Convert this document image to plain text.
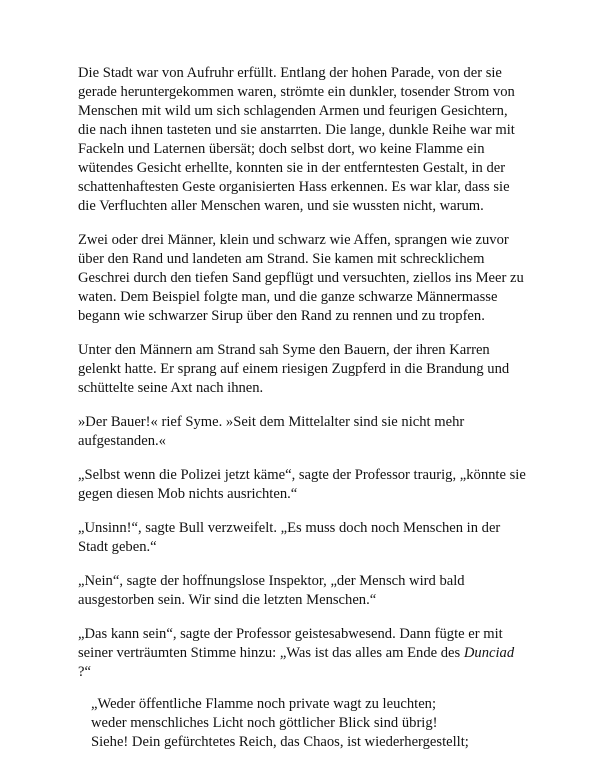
Die Stadt war von Aufruhr erfüllt. Entlang der hohen Parade, von der sie gerade heruntergekommen waren, strömte ein dunkler, tosender Strom von Menschen mit wild um sich schlagenden Armen und feurigen Gesichtern, die nach ihnen tasteten und sie anstarrten. Die lange, dunkle Reihe war mit Fackeln und Laternen übersät; doch selbst dort, wo keine Flamme ein wütendes Gesicht erhellte, konnten sie in der entferntesten Gestalt, in der schattenhaftesten Geste organisierten Hass erkennen. Es war klar, dass sie die Verfluchten aller Menschen waren, und sie wussten nicht, warum.

Zwei oder drei Männer, klein und schwarz wie Affen, sprangen wie zuvor über den Rand und landeten am Strand. Sie kamen mit schrecklichem Geschrei durch den tiefen Sand gepflügt und versuchten, ziellos ins Meer zu waten. Dem Beispiel folgte man, und die ganze schwarze Männermasse begann wie schwarzer Sirup über den Rand zu rennen und zu tropfen.

Unter den Männern am Strand sah Syme den Bauern, der ihren Karren gelenkt hatte. Er sprang auf einem riesigen Zugpferd in die Brandung und schüttelte seine Axt nach ihnen.

»Der Bauer!« rief Syme. »Seit dem Mittelalter sind sie nicht mehr aufgestanden.«

„Selbst wenn die Polizei jetzt käme“, sagte der Professor traurig, „könnte sie gegen diesen Mob nichts ausrichten.“

„Unsinn!“, sagte Bull verzweifelt. „Es muss doch noch Menschen in der Stadt geben.“

„Nein“, sagte der hoffnungslose Inspektor, „der Mensch wird bald ausgestorben sein. Wir sind die letzten Menschen.“

„Das kann sein“, sagte der Professor geistesabwesend. Dann fügte er mit seiner verträumten Stimme hinzu: „Was ist das alles am Ende des Dunciad ?“

„Weder öffentliche Flamme noch private wagt zu leuchten;
weder menschliches Licht noch göttlicher Blick sind übrig!
Siehe! Dein gefürchtetes Reich, das Chaos, ist wiederhergestellt;
